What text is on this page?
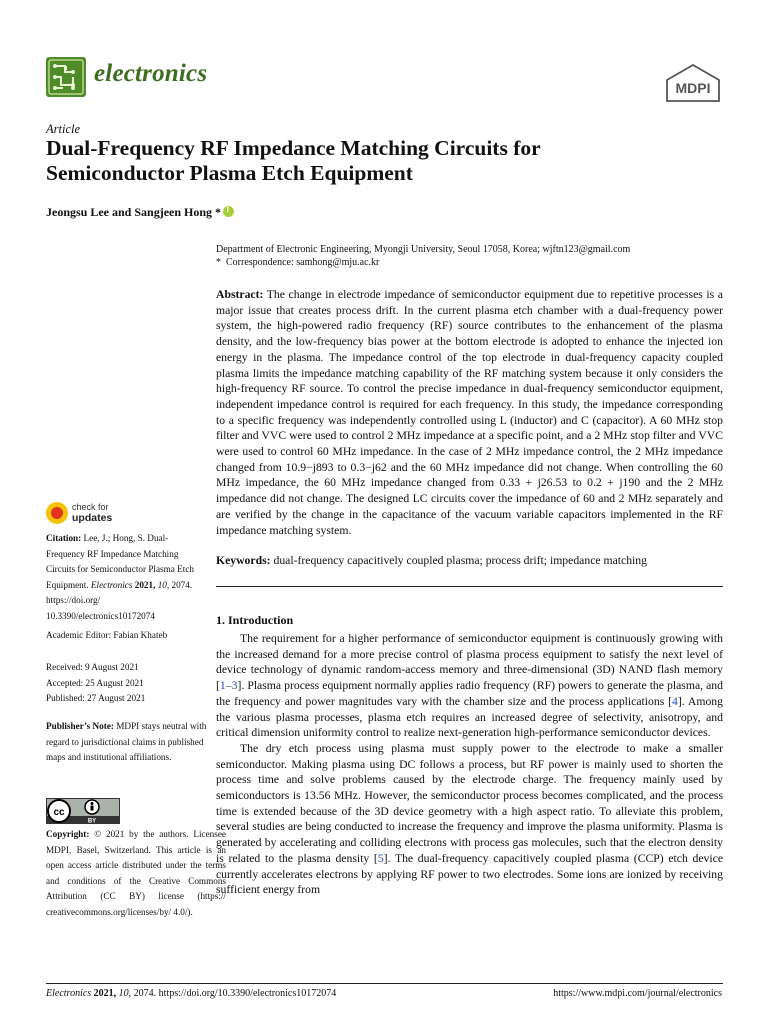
electronics
MDPI
Article
Dual-Frequency RF Impedance Matching Circuits for
Semiconductor Plasma Etch Equipment
Jeongsu Lee and Sangjeen Hong *i
Department of Electronic Engineering, Myongji University, Seoul 17058, Korea; wjftn123@gmail.com
*  Correspondence: samhong@mju.ac.kr
Abstract: The change in electrode impedance of semiconductor equipment due to repetitive processes is a major issue that creates process drift. In the current plasma etch chamber with a dual-frequency power system, the high-powered radio frequency (RF) source contributes to the enhancement of the plasma density, and the low-frequency bias power at the bottom electrode is adopted to enhance the injected ion energy in the plasma. The impedance control of the top electrode in dual-frequency capacity coupled plasma limits the impedance matching capability of the RF matching system because it only considers the high-frequency RF source. To control the precise impedance in dual-frequency semiconductor equipment, independent impedance control is required for each frequency. In this study, the impedance corresponding to a specific frequency was independently controlled using L (inductor) and C (capacitor). A 60 MHz stop filter and VVC were used to control 2 MHz impedance at a specific point, and a 2 MHz stop filter and VVC were used to control 60 MHz impedance. In the case of 2 MHz impedance control, the 2 MHz impedance changed from 10.9−j893 to 0.3−j62 and the 60 MHz impedance did not change. When controlling the 60 MHz impedance, the 60 MHz impedance changed from 0.33 + j26.53 to 0.2 + j190 and the 2 MHz impedance did not change. The designed LC circuits cover the impedance of 60 and 2 MHz separately and are verified by the change in the capacitance of the vacuum variable capacitors implemented in the RF impedance matching system.
Keywords: dual-frequency capacitively coupled plasma; process drift; impedance matching
1. Introduction

The requirement for a higher performance of semiconductor equipment is continuously growing with the increased demand for a more precise control of plasma process equipment to satisfy the next level of device technology of dynamic random-access memory and three-dimensional (3D) NAND flash memory [1–3]. Plasma process equipment normally applies radio frequency (RF) powers to generate the plasma, and the frequency and power magnitudes vary with the chamber size and the process applications [4]. Among the various plasma processes, plasma etch requires an increased degree of selectivity, anisotropy, and critical dimension uniformity control to realize next-generation high-performance semiconductor devices.

The dry etch process using plasma must supply power to the electrode to make a smaller semiconductor. Making plasma using DC follows a process, but RF power is mainly used to shorten the process time and solve problems caused by the electrode charge. The frequency mainly used by semiconductors is 13.56 MHz. However, the semiconductor process becomes complicated, and the process time is extended because of the 3D device geometry with a high aspect ratio. To alleviate this problem, several studies are being conducted to increase the frequency and improve the plasma uniformity. Plasma is generated by accelerating and colliding electrons with process gas molecules, such that the electron density is related to the plasma density [5]. The dual-frequency capacitively coupled plasma (CCP) etch device currently accelerates electrons by applying RF power to two electrodes. Some ions are ionized by receiving sufficient energy from

check for
updates
Citation: Lee, J.; Hong, S. Dual-Frequency RF Impedance Matching Circuits for Semiconductor Plasma Etch Equipment. Electronics 2021, 10, 2074. https://doi.org/ 10.3390/electronics10172074
Academic Editor: Fabian Khateb
Received: 9 August 2021
Accepted: 25 August 2021
Published: 27 August 2021
Publisher’s Note: MDPI stays neutral with regard to jurisdictional claims in published maps and institutional affiliations.
cc
BY
Copyright: © 2021 by the authors. Licensee MDPI, Basel, Switzerland. This article is an open access article distributed under the terms and conditions of the Creative Commons Attribution (CC BY) license (https:// creativecommons.org/licenses/by/ 4.0/).
Electronics 2021, 10, 2074. https://doi.org/10.3390/electronics10172074	https://www.mdpi.com/journal/electronics
